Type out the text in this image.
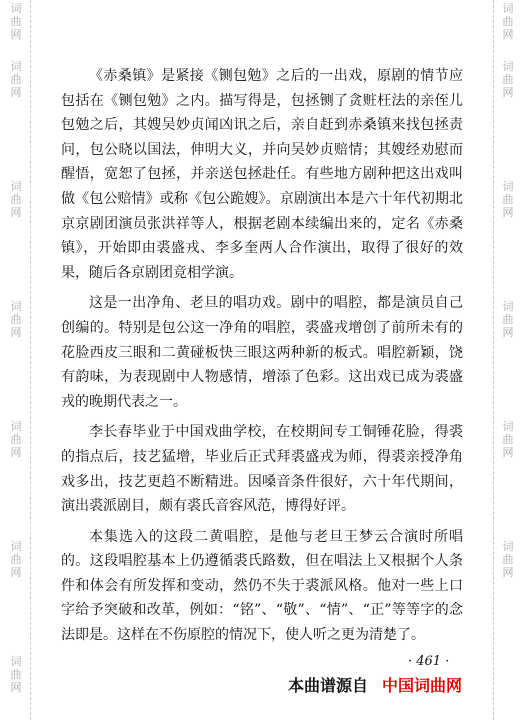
词
曲
网
词
曲
网
词
曲
网
词
曲
网
词
曲
网
词
曲
网
词
曲
网
词
曲
网
词
曲
网
词
曲
网
词
曲
网
词
曲
网
词
曲
网

《赤桑镇》是紧接《铡包勉》之后的一出戏，原剧的情节应包括在《铡包勉》之内。描写得是，包拯铡了贪赃枉法的亲侄儿包勉之后，其嫂吴妙贞闻凶讯之后，亲自赶到赤桑镇来找包拯责问，包公晓以国法，伸明大义，并向吴妙贞赔情；其嫂经劝慰而醒悟，宽恕了包拯，并亲送包拯赴任。有些地方剧种把这出戏叫做《包公赔情》或称《包公跪嫂》。京剧演出本是六十年代初期北京京剧团演员张洪祥等人，根据老剧本续编出来的，定名《赤桑镇》，开始即由裘盛戎、李多奎两人合作演出，取得了很好的效果，随后各京剧团竞相学演。

这是一出净角、老旦的唱功戏。剧中的唱腔，都是演员自己创编的。特别是包公这一净角的唱腔，裘盛戎增创了前所未有的花脸西皮三眼和二黄碰板快三眼这两种新的板式。唱腔新颖，饶有韵味，为表现剧中人物感情，增添了色彩。这出戏已成为裘盛戎的晚期代表之一。

李长春毕业于中国戏曲学校，在校期间专工铜锤花脸，得裘的指点后，技艺猛增，毕业后正式拜裘盛戎为师，得裘亲授净角戏多出，技艺更趋不断精进。因嗓音条件很好，六十年代期间，演出裘派剧目，颇有裘氏音容风范，博得好评。

本集选入的这段二黄唱腔，是他与老旦王梦云合演时所唱的。这段唱腔基本上仍遵循裘氏路数，但在唱法上又根据个人条件和体会有所发挥和变动，然仍不失于裘派风格。他对一些上口字给予突破和改革，例如：“铭”、“敬”、“情”、“正”等等字的念法即是。这样在不伤原腔的情况下，使人听之更为清楚了。

· 461 ·
本曲谱源自 中国词曲网
